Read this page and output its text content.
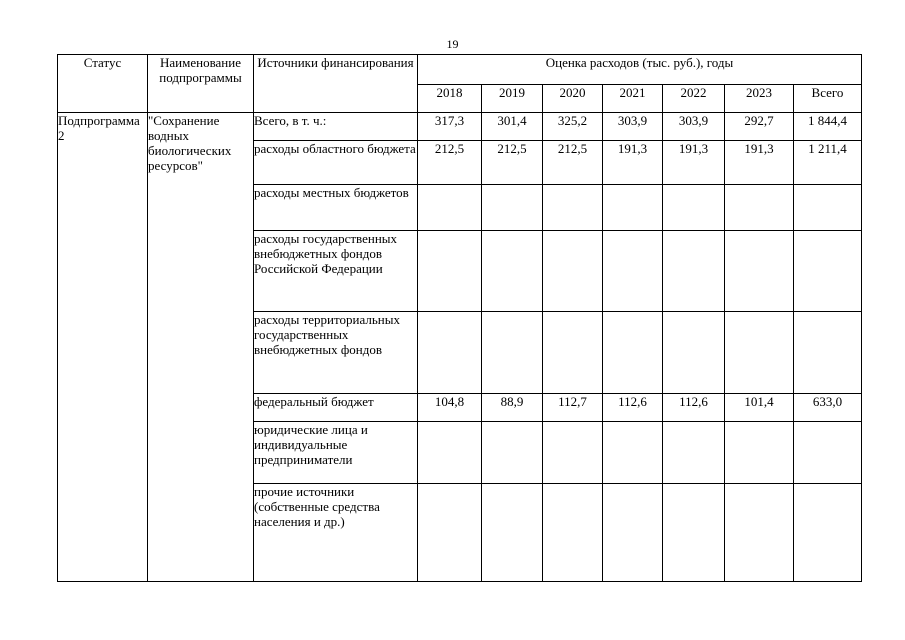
19
Статус	Наименование подпрограммы	Источники финансирования	Оценка расходов (тыс. руб.), годы						
			2018	2019	2020	2021	2022	2023	Всего
Подпрограмма 2	"Сохранение водных биологических ресурсов"	Всего, в т. ч.:	317,3	301,4	325,2	303,9	303,9	292,7	1 844,4
		расходы областного бюджета	212,5	212,5	212,5	191,3	191,3	191,3	1 211,4
		расходы местных бюджетов							
		расходы государственных внебюджетных фондов Российской Федерации							
		расходы территориальных государственных внебюджетных фондов							
		федеральный бюджет	104,8	88,9	112,7	112,6	112,6	101,4	633,0
		юридические лица и индивидуальные предприниматели							
		прочие источники (собственные средства населения и др.)							
